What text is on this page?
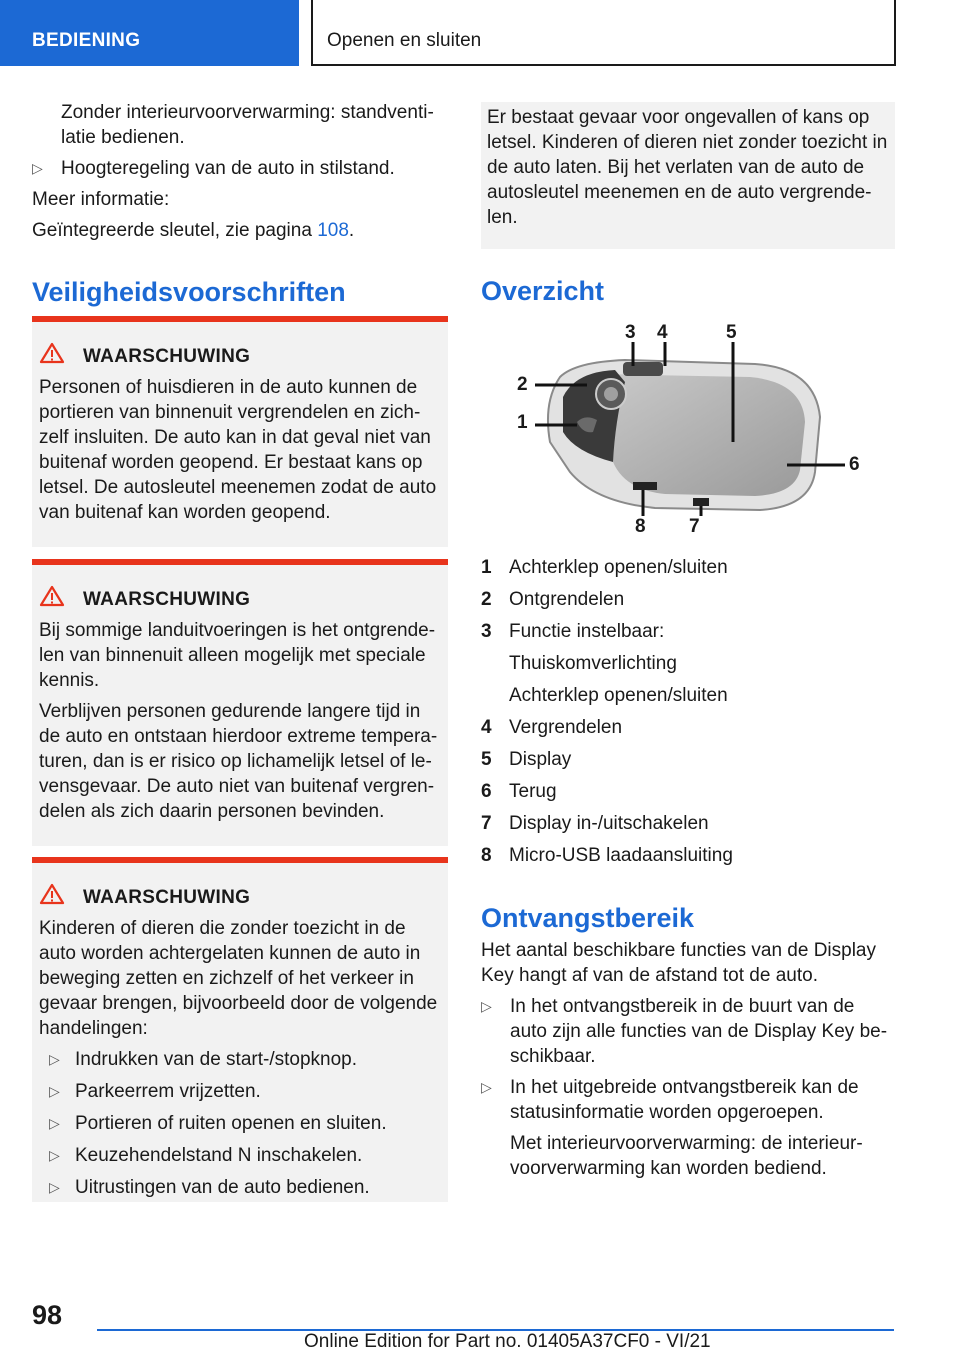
BEDIENING	Openen en sluiten
Zonder interieurvoorverwarming: standventilatie bedienen.
▷ Hoogteregeling van de auto in stilstand.
Meer informatie:
Geïntegreerde sleutel, zie pagina 108.
Veiligheidsvoorschriften
WAARSCHUWING
Personen of huisdieren in de auto kunnen de portieren van binnenuit vergrendelen en zichzelf insluiten. De auto kan in dat geval niet van buitenaf worden geopend. Er bestaat kans op letsel. De autosleutel meenemen zodat de auto van buitenaf kan worden geopend.
WAARSCHUWING
Bij sommige landuitvoeringen is het ontgrendelen van binnenuit alleen mogelijk met speciale kennis.
Verblijven personen gedurende langere tijd in de auto en ontstaan hierdoor extreme temperaturen, dan is er risico op lichamelijk letsel of levensgevaar. De auto niet van buitenaf vergrendelen als zich daarin personen bevinden.
WAARSCHUWING
Kinderen of dieren die zonder toezicht in de auto worden achtergelaten kunnen de auto in beweging zetten en zichzelf of het verkeer in gevaar brengen, bijvoorbeeld door de volgende handelingen:
▷ Indrukken van de start-/stopknop.
▷ Parkeerrem vrijzetten.
▷ Portieren of ruiten openen en sluiten.
▷ Keuzehendelstand N inschakelen.
▷ Uitrustingen van de auto bedienen.
Er bestaat gevaar voor ongevallen of kans op letsel. Kinderen of dieren niet zonder toezicht in de auto laten. Bij het verlaten van de auto de autosleutel meenemen en de auto vergrendelen.
Overzicht
1
2
3 4	5
6
7
8
1 Achterklep openen/sluiten
2 Ontgrendelen
3 Functie instelbaar:
Thuiskomverlichting
Achterklep openen/sluiten
4 Vergrendelen
5 Display
6 Terug
7 Display in-/uitschakelen
8 Micro-USB laadaansluiting
Ontvangstbereik
Het aantal beschikbare functies van de Display Key hangt af van de afstand tot de auto.
▷ In het ontvangstbereik in de buurt van de auto zijn alle functies van de Display Key beschikbaar.
▷ In het uitgebreide ontvangstbereik kan de statusinformatie worden opgeroepen.
Met interieurvoorverwarming: de interieurvoorverwarming kan worden bediend.
98
Online Edition for Part no. 01405A37CF0 - VI/21
